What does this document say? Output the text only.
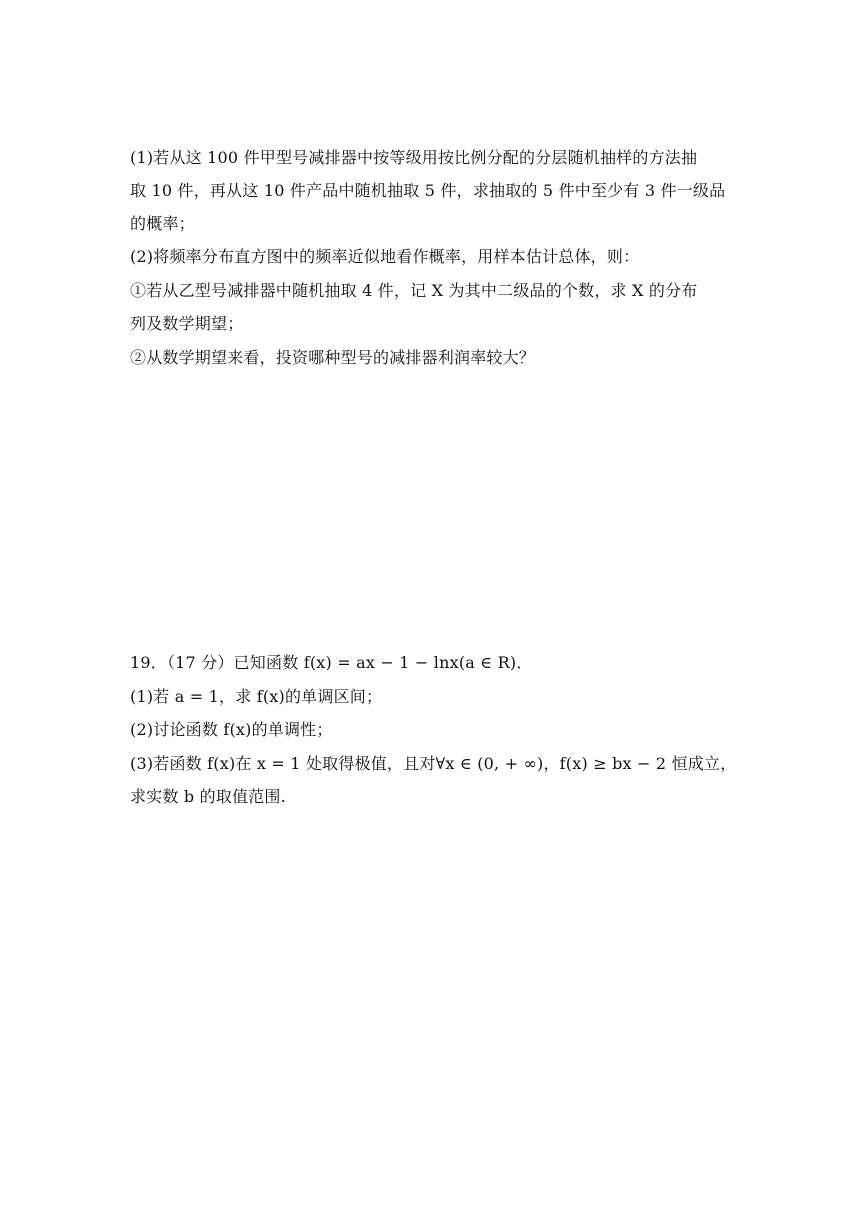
(1)若从这 100 件甲型号减排器中按等级用按比例分配的分层随机抽样的方法抽
取 10 件，再从这 10 件产品中随机抽取 5 件，求抽取的 5 件中至少有 3 件一级品
的概率；
(2)将频率分布直方图中的频率近似地看作概率，用样本估计总体，则：
①若从乙型号减排器中随机抽取 4 件，记 X 为其中二级品的个数，求 X 的分布
列及数学期望；
②从数学期望来看，投资哪种型号的减排器利润率较大？
19．（17 分）已知函数 f(x) = ax − 1 − lnx(a ∈ R)．
(1)若 a = 1，求 f(x)的单调区间；
(2)讨论函数 f(x)的单调性；
(3)若函数 f(x)在 x = 1 处取得极值，且对∀x ∈ (0, + ∞)，f(x) ≥ bx − 2 恒成立，
求实数 b 的取值范围.
